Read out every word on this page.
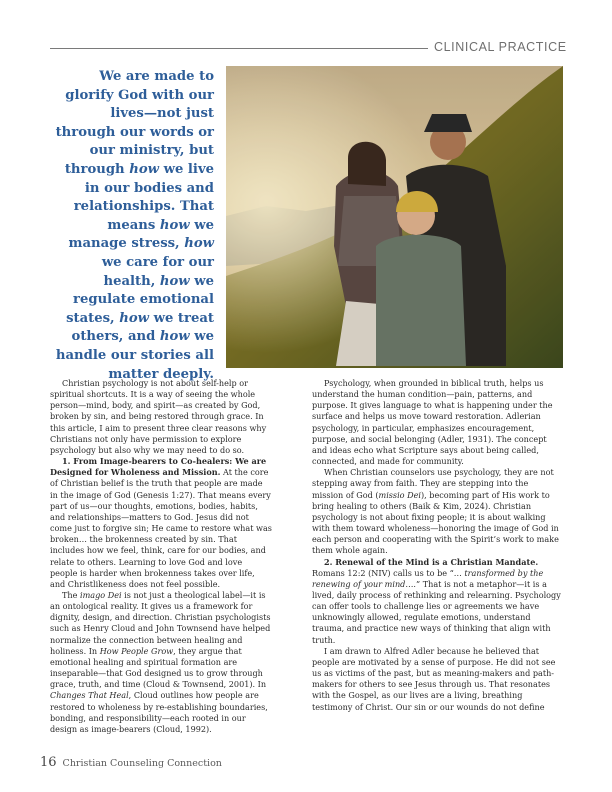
CLINICAL PRACTICE
We are made to glorify God with our lives—not just through our words or our ministry, but through how we live in our bodies and relationships. That means how we manage stress, how we care for our health, how we regulate emotional states, how we treat others, and how we handle our stories all matter deeply.

Christian psychology is not about self-help or spiritual shortcuts. It is a way of seeing the whole person—mind, body, and spirit—as created by God, broken by sin, and being restored through grace. In this article, I aim to present three clear reasons why Christians not only have permission to explore psychology but also why we may need to do so.

1. From Image-bearers to Co-healers: We are Designed for Wholeness and Mission. At the core of Christian belief is the truth that people are made in the image of God (Genesis 1:27). That means every part of us—our thoughts, emotions, bodies, habits, and relationships—matters to God. Jesus did not come just to forgive sin; He came to restore what was broken… the brokenness created by sin. That includes how we feel, think, care for our bodies, and relate to others. Learning to love God and love people is harder when brokenness takes over life, and Christlikeness does not feel possible.

The imago Dei is not just a theological label—it is an ontological reality. It gives us a framework for dignity, design, and direction. Christian psychologists such as Henry Cloud and John Townsend have helped normalize the connection between healing and holiness. In How People Grow, they argue that emotional healing and spiritual formation are inseparable—that God designed us to grow through grace, truth, and time (Cloud & Townsend, 2001). In Changes That Heal, Cloud outlines how people are restored to wholeness by re-establishing boundaries, bonding, and responsibility—each rooted in our design as image-bearers (Cloud, 1992).

Psychology, when grounded in biblical truth, helps us understand the human condition—pain, patterns, and purpose. It gives language to what is happening under the surface and helps us move toward restoration. Adlerian psychology, in particular, emphasizes encouragement, purpose, and social belonging (Adler, 1931). The concept and ideas echo what Scripture says about being called, connected, and made for community.

When Christian counselors use psychology, they are not stepping away from faith. They are stepping into the mission of God (missio Dei), becoming part of His work to bring healing to others (Baik & Kim, 2024). Christian psychology is not about fixing people; it is about walking with them toward wholeness—honoring the image of God in each person and cooperating with the Spirit’s work to make them whole again.

2. Renewal of the Mind is a Christian Mandate. Romans 12:2 (NIV) calls us to be “… transformed by the renewing of your mind….” That is not a metaphor—it is a lived, daily process of rethinking and relearning. Psychology can offer tools to challenge lies or agreements we have unknowingly allowed, regulate emotions, understand trauma, and practice new ways of thinking that align with truth.

I am drawn to Alfred Adler because he believed that people are motivated by a sense of purpose. He did not see us as victims of the past, but as meaning-makers and path-makers for others to see Jesus through us. That resonates with the Gospel, as our lives are a living, breathing testimony of Christ. Our sin or our wounds do not define

16 Christian Counseling Connection
